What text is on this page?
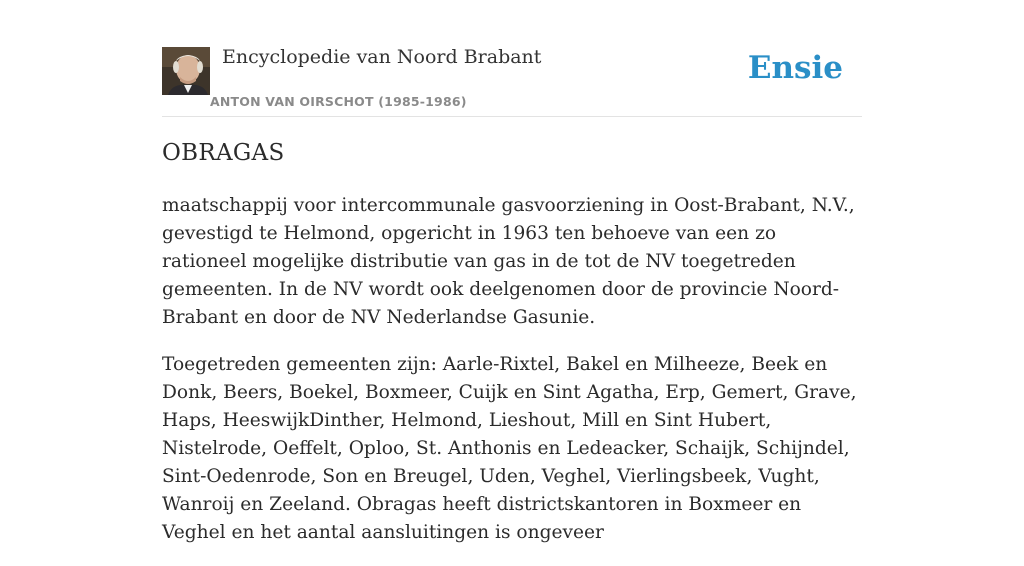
Encyclopedie van Noord Brabant
ANTON VAN OIRSCHOT (1985-1986)
Ensie
OBRAGAS

maatschappij voor intercommunale gasvoorziening in Oost-Brabant, N.V., gevestigd te Helmond, opgericht in 1963 ten behoeve van een zo rationeel mogelijke distributie van gas in de tot de NV toegetreden gemeenten. In de NV wordt ook deelgenomen door de provincie Noord-Brabant en door de NV Nederlandse Gasunie.

Toegetreden gemeenten zijn: Aarle-Rixtel, Bakel en Milheeze, Beek en Donk, Beers, Boekel, Boxmeer, Cuijk en Sint Agatha, Erp, Gemert, Grave, Haps, HeeswijkDinther, Helmond, Lieshout, Mill en Sint Hubert, Nistelrode, Oeffelt, Oploo, St. Anthonis en Ledeacker, Schaijk, Schijndel, Sint-Oedenrode, Son en Breugel, Uden, Veghel, Vierlingsbeek, Vught, Wanroij en Zeeland. Obragas heeft districtskantoren in Boxmeer en Veghel en het aantal aansluitingen is ongeveer
